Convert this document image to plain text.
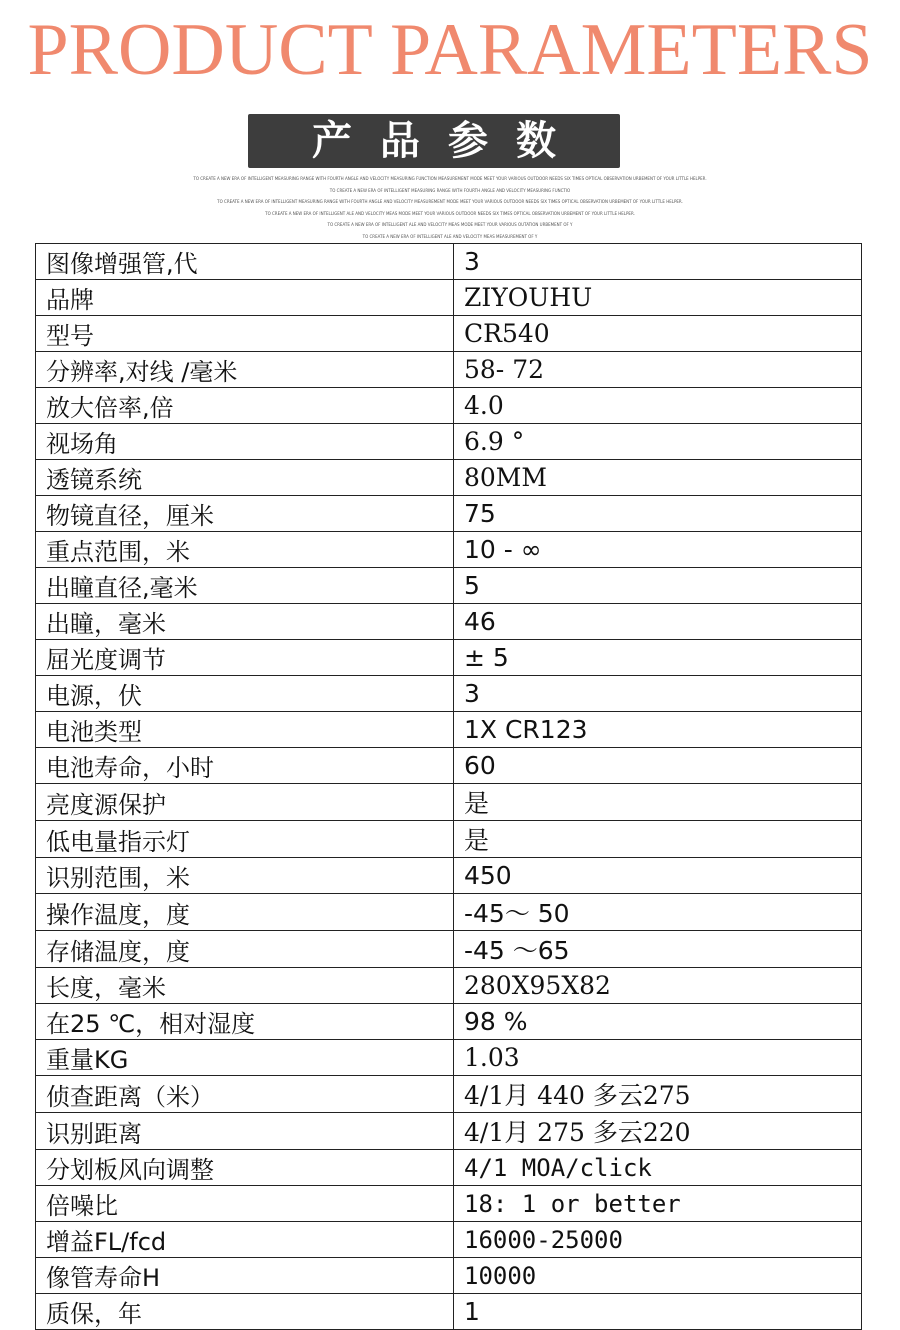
PRODUCT PARAMETERS
产品参数
TO CREATE A NEW ERA OF INTELLIGENT MEASURING RANGE WITH FOURTH ANGLE AND VELOCITY MEASURING FUNCTION MEASUREMENT MODE MEET YOUR VARIOUS OUTDOOR NEEDS SIX TIMES OPTICAL OBSERVATION URBEMENT OF YOUR LITTLE HELPER.
TO CREATE A NEW ERA OF INTELLIGENT MEASURING RANGE WITH FOURTH ANGLE AND VELOCITY MEASURING FUNCTIO
TO CREATE A NEW ERA OF INTELLIGENT MEASURING RANGE WITH FOURTH ANGLE AND VELOCITY MEASUREMENT MODE MEET YOUR VARIOUS OUTDOOR NEEDS SIX TIMES OPTICAL OBSERVATION URBEMENT OF YOUR LITTLE HELPER.
TO CREATE A NEW ERA OF INTELLIGENT ALE AND VELOCITY MEAS MODE MEET YOUR VARIOUS OUTDOOR NEEDS SIX TIMES OPTICAL OBSERVATION URBEMENT OF YOUR LITTLE HELPER.
TO CREATE A NEW ERA OF INTELLIGENT ALE AND VELOCITY MEAS MODE MEET YOUR VARIOUS OUTATION URBEMENT OF Y
TO CREATE A NEW ERA OF INTELLIGENT ALE AND VELOCITY MEAS MEASUREMENT OF Y
图像增强管,代	3
品牌	ZIYOUHU
型号	CR540
分辨率,对线 /毫米	58- 72
放大倍率,倍	4.0
视场角	6.9 °
透镜系统	80MM
物镜直径，厘米	75
重点范围，米	10 - ∞
出瞳直径,毫米	5
出瞳，毫米	46
屈光度调节	± 5
电源，伏	3
电池类型	1X CR123
电池寿命，小时	60
亮度源保护	是
低电量指示灯	是
识别范围，米	450
操作温度，度	-45～ 50
存储温度，度	-45 ～65
长度，毫米	280X95X82
在25 ℃，相对湿度	98 %
重量KG	1.03
侦查距离（米）	4/1月 440 多云275
识别距离	4/1月 275 多云220
分划板风向调整	4/1 MOA/click
倍噪比	18: 1 or better
增益FL/fcd	16000-25000
像管寿命H	10000
质保，年	1
